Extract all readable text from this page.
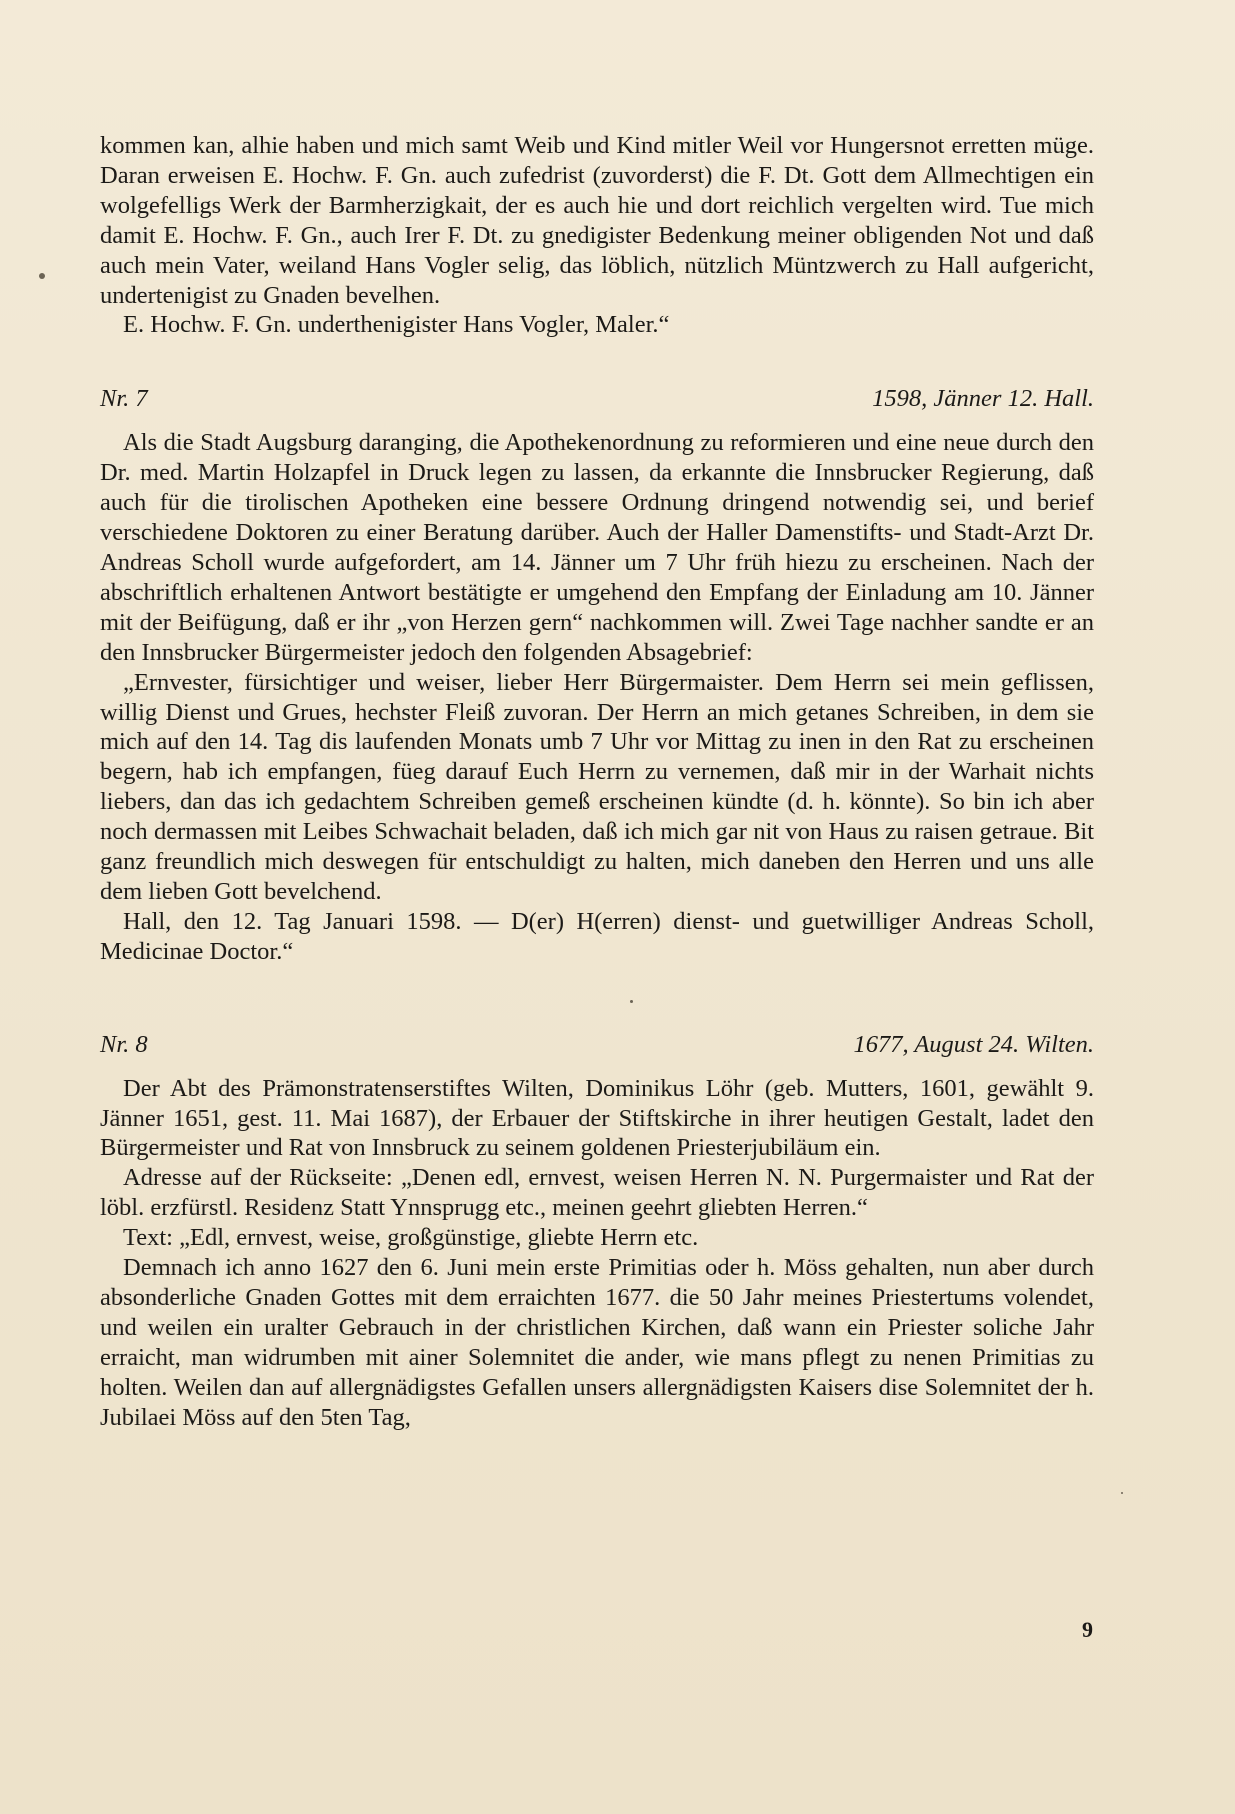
kommen kan, alhie haben und mich samt Weib und Kind mitler Weil vor Hungersnot erretten müge. Daran erweisen E. Hochw. F. Gn. auch zufedrist (zuvorderst) die F. Dt. Gott dem Allmechtigen ein wolgefelligs Werk der Barmherzigkait, der es auch hie und dort reichlich vergelten wird. Tue mich damit E. Hochw. F. Gn., auch Irer F. Dt. zu gnedigister Bedenkung meiner obligenden Not und daß auch mein Vater, weiland Hans Vogler selig, das löblich, nützlich Müntzwerch zu Hall aufgericht, undertenigist zu Gnaden bevelhen.

E. Hochw. F. Gn. underthenigister Hans Vogler, Maler.“

Nr. 7	1598, Jänner 12. Hall.

Als die Stadt Augsburg daranging, die Apothekenordnung zu reformieren und eine neue durch den Dr. med. Martin Holzapfel in Druck legen zu lassen, da erkannte die Innsbrucker Regierung, daß auch für die tirolischen Apotheken eine bessere Ordnung dringend notwendig sei, und berief verschiedene Doktoren zu einer Beratung darüber. Auch der Haller Damenstifts- und Stadt-Arzt Dr. Andreas Scholl wurde aufgefordert, am 14. Jänner um 7 Uhr früh hiezu zu erscheinen. Nach der abschriftlich erhaltenen Antwort bestätigte er umgehend den Empfang der Einladung am 10. Jänner mit der Beifügung, daß er ihr „von Herzen gern“ nachkommen will. Zwei Tage nachher sandte er an den Innsbrucker Bürgermeister jedoch den folgenden Absagebrief:

„Ernvester, fürsichtiger und weiser, lieber Herr Bürgermaister. Dem Herrn sei mein geflissen, willig Dienst und Grues, hechster Fleiß zuvoran. Der Herrn an mich getanes Schreiben, in dem sie mich auf den 14. Tag dis laufenden Monats umb 7 Uhr vor Mittag zu inen in den Rat zu erscheinen begern, hab ich empfangen, füeg darauf Euch Herrn zu vernemen, daß mir in der Warhait nichts liebers, dan das ich gedachtem Schreiben gemeß erscheinen kündte (d. h. könnte). So bin ich aber noch dermassen mit Leibes Schwachait beladen, daß ich mich gar nit von Haus zu raisen getraue. Bit ganz freundlich mich deswegen für entschuldigt zu halten, mich daneben den Herren und uns alle dem lieben Gott bevelchend.

Hall, den 12. Tag Januari 1598. — D(er) H(erren) dienst- und guetwilliger Andreas Scholl, Medicinae Doctor.“

Nr. 8	1677, August 24. Wilten.

Der Abt des Prämonstratenserstiftes Wilten, Dominikus Löhr (geb. Mutters, 1601, gewählt 9. Jänner 1651, gest. 11. Mai 1687), der Erbauer der Stiftskirche in ihrer heutigen Gestalt, ladet den Bürgermeister und Rat von Innsbruck zu seinem goldenen Priesterjubiläum ein.

Adresse auf der Rückseite: „Denen edl, ernvest, weisen Herren N. N. Purgermaister und Rat der löbl. erzfürstl. Residenz Statt Ynnsprugg etc., meinen geehrt gliebten Herren.“

Text: „Edl, ernvest, weise, großgünstige, gliebte Herrn etc.

Demnach ich anno 1627 den 6. Juni mein erste Primitias oder h. Möss gehalten, nun aber durch absonderliche Gnaden Gottes mit dem erraichten 1677. die 50 Jahr meines Priestertums volendet, und weilen ein uralter Gebrauch in der christlichen Kirchen, daß wann ein Priester soliche Jahr erraicht, man widrumben mit ainer Solemnitet die ander, wie mans pflegt zu nenen Primitias zu holten. Weilen dan auf allergnädigstes Gefallen unsers allergnädigsten Kaisers dise Solemnitet der h. Jubilaei Möss auf den 5ten Tag,

9
